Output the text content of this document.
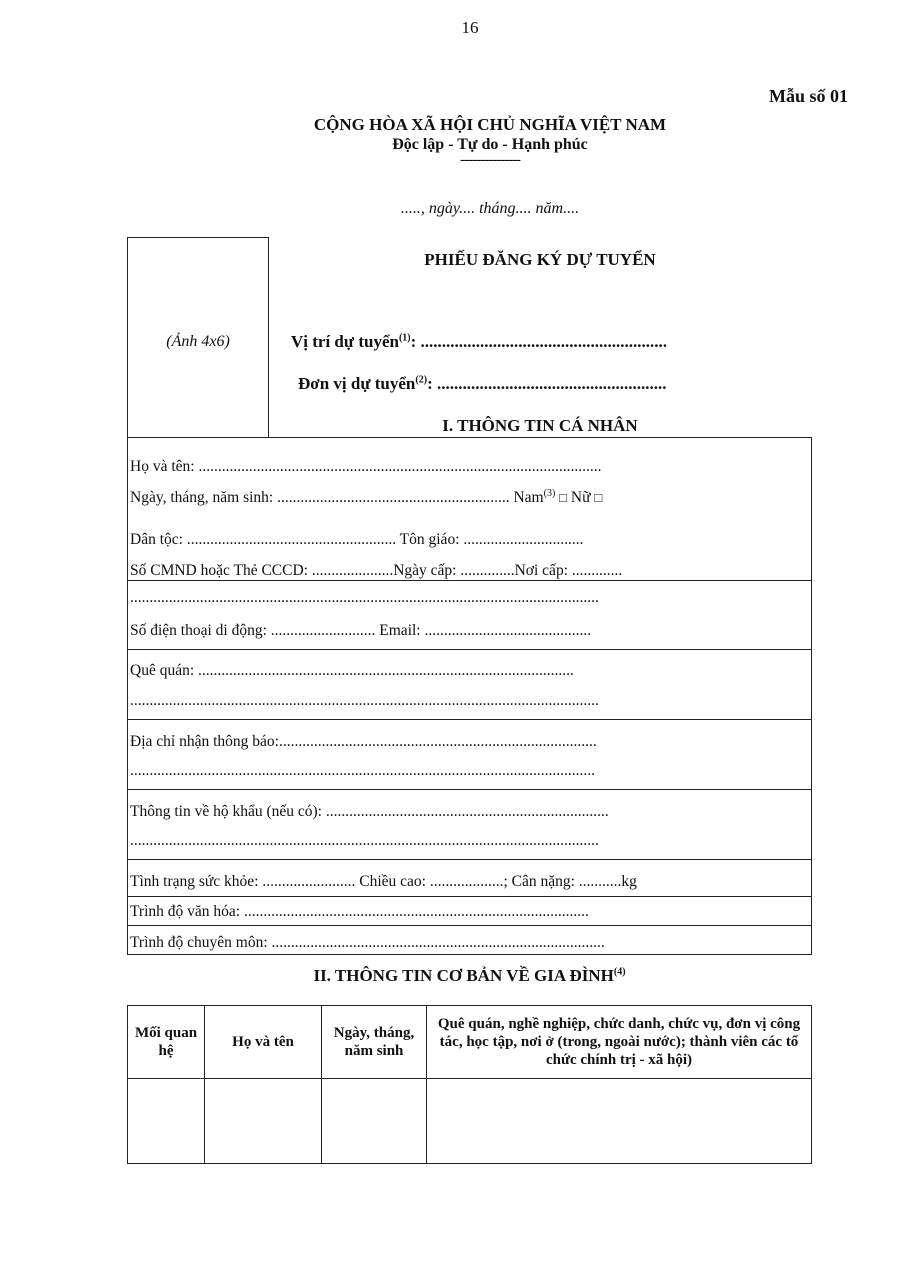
16
Mẫu số 01
CỘNG HÒA XÃ HỘI CHỦ NGHĨA VIỆT NAM
Độc lập - Tự do - Hạnh phúc
---------------
....., ngày.... tháng.... năm....
(Ảnh 4x6)
PHIẾU ĐĂNG KÝ DỰ TUYỂN
Vị trí dự tuyển$^{(1)}$: ..........................................................
Đơn vị dự tuyển$^{(2)}$: ......................................................
I. THÔNG TIN CÁ NHÂN
Họ và tên: ........................................................................................................
Ngày, tháng, năm sinh: ............................................................ Nam$^{(3)}$ □ Nữ □
Dân tộc: ...................................................... Tôn giáo: ...............................
Số CMND hoặc Thẻ CCCD: .....................Ngày cấp: ..............Nơi cấp: .............
.........................................................................................................................
Số điện thoại di động: ........................... Email: ...........................................
Quê quán: .................................................................................................
.........................................................................................................................
Địa chỉ nhận thông báo:..................................................................................
........................................................................................................................
Thông tin về hộ khẩu (nếu có): .........................................................................
.........................................................................................................................
Tình trạng sức khỏe: ........................ Chiều cao: ...................; Cân nặng: ...........kg
Trình độ văn hóa: .........................................................................................
Trình độ chuyên môn: ......................................................................................
II. THÔNG TIN CƠ BẢN VỀ GIA ĐÌNH$^{(4)}$
Mối quan hệ	Họ và tên	Ngày, tháng, năm sinh	Quê quán, nghề nghiệp, chức danh, chức vụ, đơn vị công tác, học tập, nơi ở (trong, ngoài nước); thành viên các tổ chức chính trị - xã hội)
